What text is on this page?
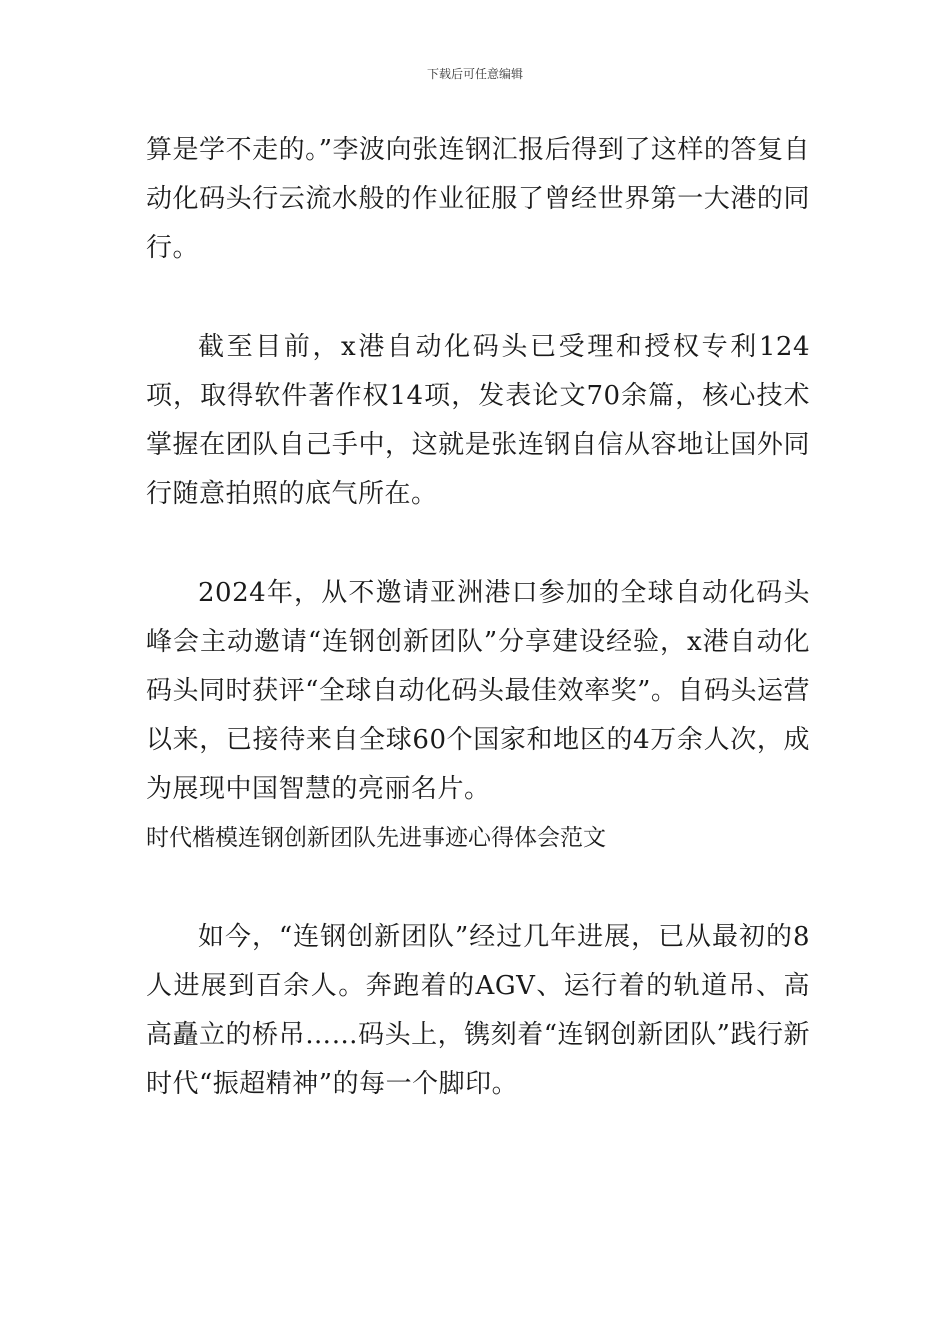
下载后可任意编辑

算是学不走的。”李波向张连钢汇报后得到了这样的答复自动化码头行云流水般的作业征服了曾经世界第一大港的同行。

截至目前，x港自动化码头已受理和授权专利124项，取得软件著作权14项，发表论文70余篇，核心技术掌握在团队自己手中，这就是张连钢自信从容地让国外同行随意拍照的底气所在。

2024年，从不邀请亚洲港口参加的全球自动化码头峰会主动邀请“连钢创新团队”分享建设经验，x港自动化码头同时获评“全球自动化码头最佳效率奖”。自码头运营以来，已接待来自全球60个国家和地区的4万余人次，成为展现中国智慧的亮丽名片。

时代楷模连钢创新团队先进事迹心得体会范文

如今，“连钢创新团队”经过几年进展，已从最初的8人进展到百余人。奔跑着的AGV、运行着的轨道吊、高高矗立的桥吊……码头上，镌刻着“连钢创新团队”践行新时代“振超精神”的每一个脚印。
